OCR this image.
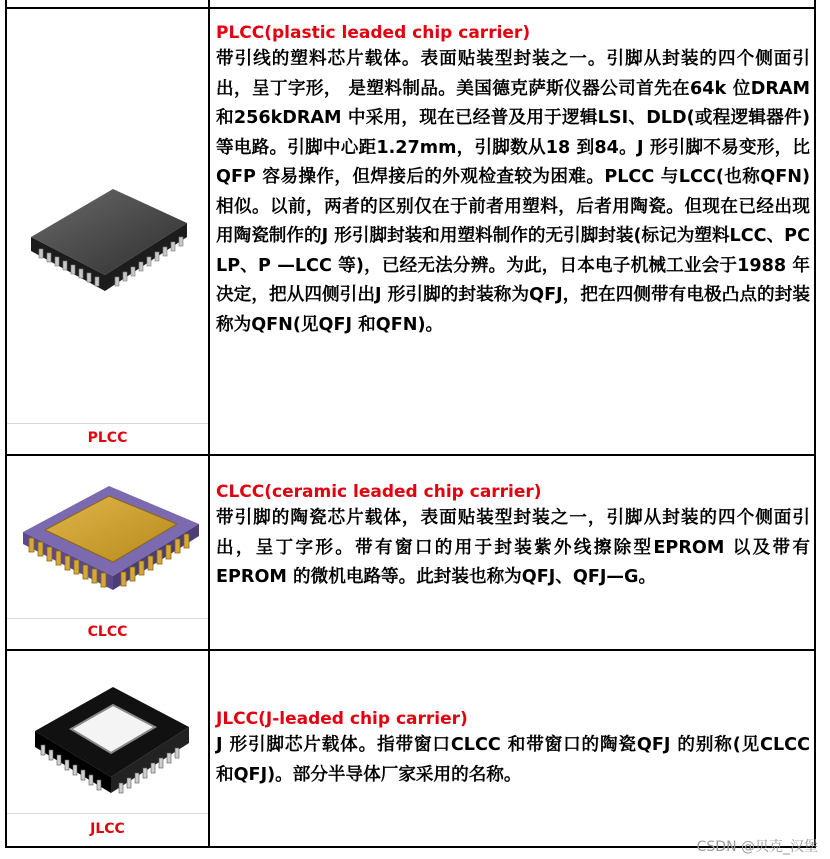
PLCC

PLCC(plastic leaded chip carrier)

带引线的塑料芯片载体。表面贴装型封装之一。引脚从封装的四个侧面引出，呈丁字形， 是塑料制品。美国德克萨斯仪器公司首先在64k 位DRAM 和256kDRAM 中采用，现在已经普及用于逻辑LSI、DLD(或程逻辑器件)等电路。引脚中心距1.27mm，引脚数从18 到84。J 形引脚不易变形，比QFP 容易操作，但焊接后的外观检查较为困难。PLCC 与LCC(也称QFN)相似。以前，两者的区别仅在于前者用塑料，后者用陶瓷。但现在已经出现用陶瓷制作的J 形引脚封装和用塑料制作的无引脚封装(标记为塑料LCC、PC LP、P —LCC 等)，已经无法分辨。为此，日本电子机械工业会于1988 年决定，把从四侧引出J 形引脚的封装称为QFJ，把在四侧带有电极凸点的封装称为QFN(见QFJ 和QFN)。

CLCC

CLCC(ceramic leaded chip carrier)

带引脚的陶瓷芯片载体，表面贴装型封装之一，引脚从封装的四个侧面引出，呈丁字形。带有窗口的用于封装紫外线擦除型EPROM 以及带有EPROM 的微机电路等。此封装也称为QFJ、QFJ—G。

JLCC

JLCC(J-leaded chip carrier)

J 形引脚芯片载体。指带窗口CLCC 和带窗口的陶瓷QFJ 的别称(见CLCC 和QFJ)。部分半导体厂家采用的名称。

CSDN @贝克_汉堡
